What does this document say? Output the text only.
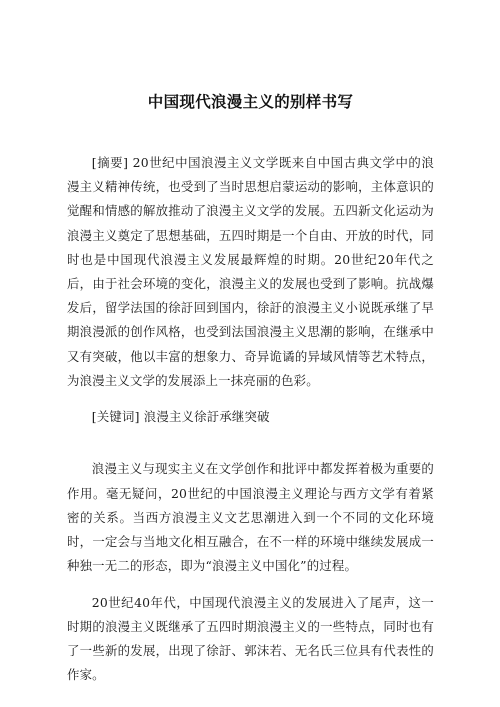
中国现代浪漫主义的别样书写

[摘要] 20世纪中国浪漫主义文学既来自中国古典文学中的浪漫主义精神传统，也受到了当时思想启蒙运动的影响，主体意识的觉醒和情感的解放推动了浪漫主义文学的发展。五四新文化运动为浪漫主义奠定了思想基础，五四时期是一个自由、开放的时代，同时也是中国现代浪漫主义发展最辉煌的时期。20世纪20年代之后，由于社会环境的变化，浪漫主义的发展也受到了影响。抗战爆发后，留学法国的徐訏回到国内，徐訏的浪漫主义小说既承继了早期浪漫派的创作风格，也受到法国浪漫主义思潮的影响，在继承中又有突破，他以丰富的想象力、奇异诡谲的异域风情等艺术特点，为浪漫主义文学的发展添上一抹亮丽的色彩。

[关键词] 浪漫主义徐訏承继突破

浪漫主义与现实主义在文学创作和批评中都发挥着极为重要的作用。毫无疑问，20世纪的中国浪漫主义理论与西方文学有着紧密的关系。当西方浪漫主义文艺思潮进入到一个不同的文化环境时，一定会与当地文化相互融合，在不一样的环境中继续发展成一种独一无二的形态，即为“浪漫主义中国化”的过程。

20世纪40年代，中国现代浪漫主义的发展进入了尾声，这一时期的浪漫主义既继承了五四时期浪漫主义的一些特点，同时也有了一些新的发展，出现了徐訏、郭沫若、无名氏三位具有代表性的作家。
